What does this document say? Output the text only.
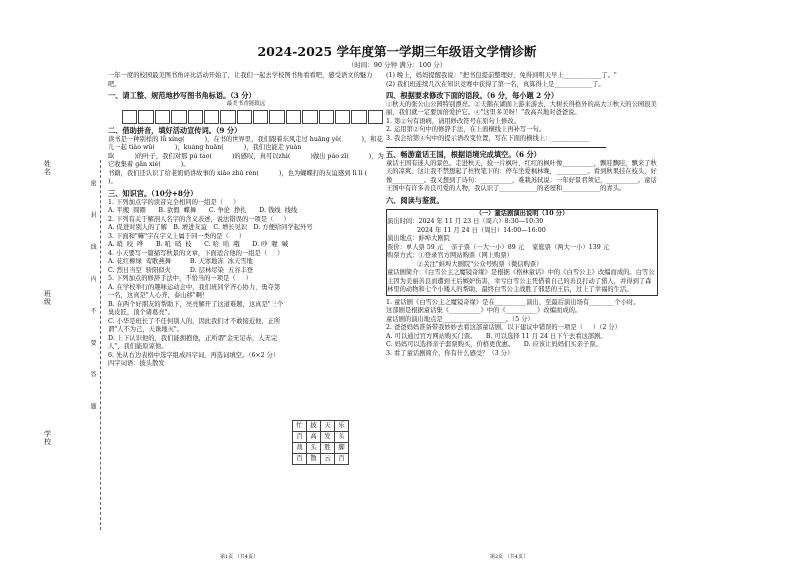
2024-2025 学年度第一学期三年级语文学情诊断
（时间：90 分钟 满分：100 分）
姓名
班级
学校
密 封 线 内 不 要 答 题

一年一度的校园最美图书角评比活动开始了，让我们一起去学校图书角看看吧，感受语文的魅力吧。

一、请工整、规范地抄写图书角标语。（3 分）

最美书香能致远

二、借助拼音，填好活动宣传词。（9 分）

读书是一种别样的 lǚ xíng(          )，在书的世界里，我们跟着东风走过 huāng yě(          )，和花儿一起 tiào wǔ(          )，kuáng huān(          )，我们也能走 yuàn

lǐ(          )的叶子，我们对那 pú tao(          )的感叹，真可以zhì(          )做出 páo zǐ(          )，为它收集着 gǎn xiè(          )。

书籍，我们还认识了给老奶奶讲故事的 xiǎo zhǔ rén(          )，也为蝴蝶打的友谊感到 lì lì (          )。

三、知识宫。（10分+8分）

1. 下列加点字的读音完全相同的一组是（     ）

A. 平搬  圆圈　　 B. 欲假  蝶舞　　 C. 争论  挣扎　　 D. 钱线  线线

2. 下列有关于解剖人名字的含义表述，说法错误的一项是（     ）

A. 促进对别人的了解　 B. 增进友谊　 C. 增长见识　 D. 方便给同学起外号

3. 下面和"嘛"字在字义上属于同一类的是（     ）

A. 哨  咬  哗　　 B. 吼  哨  枝　　 C. 哈  哈  哦　　 D. 吵  喔  喊

4. 小天要写一篇描写秋景的文章，下面适合他的一组是（     ）

A. 花红柳绿  莺歌燕舞　　　	B. 天寒地冻  冰天雪地

C. 烈日当空  骄阳似火　　　	D. 层林尽染  五谷丰登

5. 下列加点的修辞手法中，不恰当的一项是（     ）

A. 在学校举行的趣味运动会中，我们班同学齐心协力，勇夺第一名，这真是"人心齐，泰山移"啊！

B. 在两个好朋友的帮助下，亮亮解开了这道难题，这真是"三个臭皮匠，顶个诸葛亮"。

C. 小华是班长了不任何别人的，因此我们才不敢接近他，正所谓"人不为己，天诛地灭"。

D. 上下认识他的，我们能拥抱他，正所谓"金无足赤，人无完人"，我们能原谅他。

6. 先从右边表格中选字组成四字词，再选词填空。（6×2 分）

四字词语：披头散发

忙	披	天	乐
百	高	发	头
战	头	胜	脚
百	散	云	百
第1页 （共4页）

(1) 晚上，妈妈提醒我说："把书包提前整理好，免得到明天早上____________了。"

(2) 我们班连续几次在知识竞赛中获得了第一名，真算得上是____________了。

四、根据要求修改下面的语段。（6 分，每小题 2 分）

①秋天的张公山公园特别漂亮。②天鹅在湖面上游来游去，大树长得格外的高大③秋天的公园很美丽，我们就一定要加倍爱护它。④"这里多美呀！"我高兴地对爸爸说。

1. 第②句有语病，请用修改符号在原句上修改。

2. 运用第②句中的修辞手法，在上面横线上再补写一句。

3. 我会给第④句中的提示语改变位置，写在下面的横线上：____________

五、畅游童话王国，根据语境完成填空。（6 分）

童话王国有迷人的景色。走进秋天，捡一片枫叶，红红的枫叶像__________，飘哇飘哇，飘来了秋天的凉爽。这让我不禁想起了杜牧笔下的：停车坐爱枫林晚，__________。看到秋果挂在枝头，好像__________。我又想到了诗句：__________，难栽苏轼说：一年好景君须记，__________。童话王国中有许多善良可爱的人物，我认识了____________的老屋和____________的青头。

六、阅读与鉴赏。

（一）童话剧演出说明（10 分）

演出时间：2024 年 11 月 23 日（周六）8:30—10:30

2024 年 11 月 24 日（周日）14:00—16:00

演出地点：蚌埠大剧院

票价：单人票 59 元    亲子票（一大一小）89 元    家庭票（两大一小）139 元

购票方式：①登录官方网站购票（网上购票）

②关注"蚌埠大剧院"公众号购票（微信购票）

童话剧简介：《白雪公主之魔镜奇缘》是根据《格林童话》中的《白雪公主》改编而成的。白雪公主因为美丽善良而遭到王后嫉妒伤害，幸亏白雪公主凭借着自己的善良打动了猎人，并得到了森林里的动物和七个小矮人的帮助，最终白雪公主战胜了邪恶的王后，过上了幸福的生活。

1. 童话剧《白雪公主之魔镜奇缘》是在__________演出，至最后演出场有________个小时。

这部剧是根据童话集《__________》中的《__________》改编而成的。

童话剧的演出地点是____________________。（5 分）

2. 爸爸妈妈准备带我妙妙去看这部童话剧，以下建议中错误的一项是（     ）（2 分）

A. 可以通过官方网站购买门票。　　 B. 可以选择 11 月 24 日下午去看这部剧。

C. 妈妈可以选择亲子套票购买，价格更优惠。　　 D. 应该让妈妈们买亲子票。

3. 看了童话剧简介，你有什么感受？（3 分）

第2页 （共4页）
